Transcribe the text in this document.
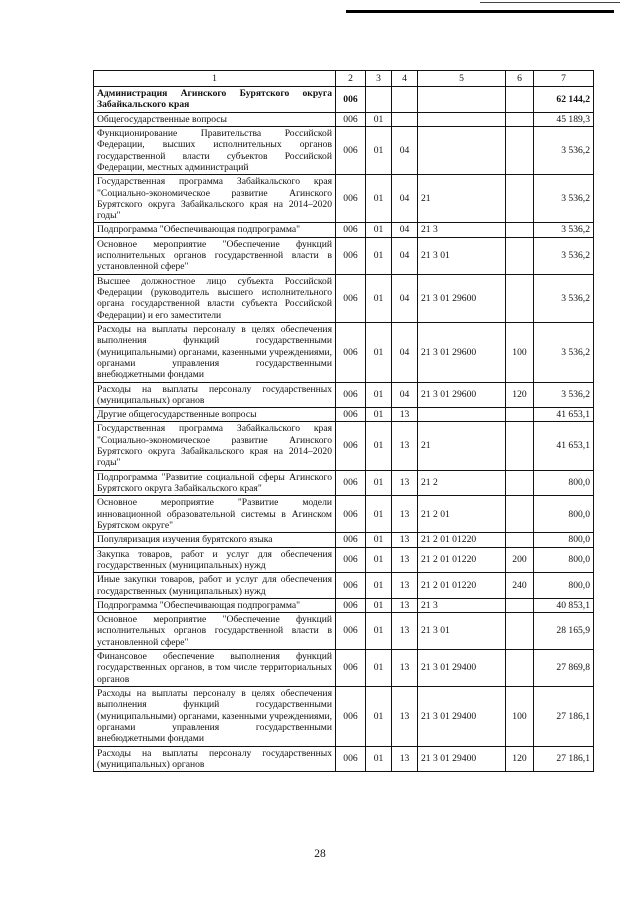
1	2	3	4	5	6	7
Администрация Агинского Бурятского округа Забайкальского края	006					62 144,2
Общегосударственные вопросы	006	01				45 189,3
Функционирование Правительства Российской Федерации, высших исполнительных органов государственной власти субъектов Российской Федерации, местных администраций	006	01	04			3 536,2
Государственная программа Забайкальского края "Социально-экономическое развитие Агинского Бурятского округа Забайкальского края на 2014–2020 годы"	006	01	04	21		3 536,2
Подпрограмма "Обеспечивающая подпрограмма"	006	01	04	21 3		3 536,2
Основное мероприятие "Обеспечение функций исполнительных органов государственной власти в установленной сфере"	006	01	04	21 3 01		3 536,2
Высшее должностное лицо субъекта Российской Федерации (руководитель высшего исполнительного органа государственной власти субъекта Российской Федерации) и его заместители	006	01	04	21 3 01 29600		3 536,2
Расходы на выплаты персоналу в целях обеспечения выполнения функций государственными (муниципальными) органами, казенными учреждениями, органами управления государственными внебюджетными фондами	006	01	04	21 3 01 29600	100	3 536,2
Расходы на выплаты персоналу государственных (муниципальных) органов	006	01	04	21 3 01 29600	120	3 536,2
Другие общегосударственные вопросы	006	01	13			41 653,1
Государственная программа Забайкальского края "Социально-экономическое развитие Агинского Бурятского округа Забайкальского края на 2014–2020 годы"	006	01	13	21		41 653,1
Подпрограмма "Развитие социальной сферы Агинского Бурятского округа Забайкальского края"	006	01	13	21 2		800,0
Основное мероприятие "Развитие модели инновационной образовательной системы в Агинском Бурятском округе"	006	01	13	21 2 01		800,0
Популяризация изучения бурятского языка	006	01	13	21 2 01 01220		800,0
Закупка товаров, работ и услуг для обеспечения государственных (муниципальных) нужд	006	01	13	21 2 01 01220	200	800,0
Иные закупки товаров, работ и услуг для обеспечения государственных (муниципальных) нужд	006	01	13	21 2 01 01220	240	800,0
Подпрограмма "Обеспечивающая подпрограмма"	006	01	13	21 3		40 853,1
Основное мероприятие "Обеспечение функций исполнительных органов государственной власти в установленной сфере"	006	01	13	21 3 01		28 165,9
Финансовое обеспечение выполнения функций государственных органов, в том числе территориальных органов	006	01	13	21 3 01 29400		27 869,8
Расходы на выплаты персоналу в целях обеспечения выполнения функций государственными (муниципальными) органами, казенными учреждениями, органами управления государственными внебюджетными фондами	006	01	13	21 3 01 29400	100	27 186,1
Расходы на выплаты персоналу государственных (муниципальных) органов	006	01	13	21 3 01 29400	120	27 186,1
28
